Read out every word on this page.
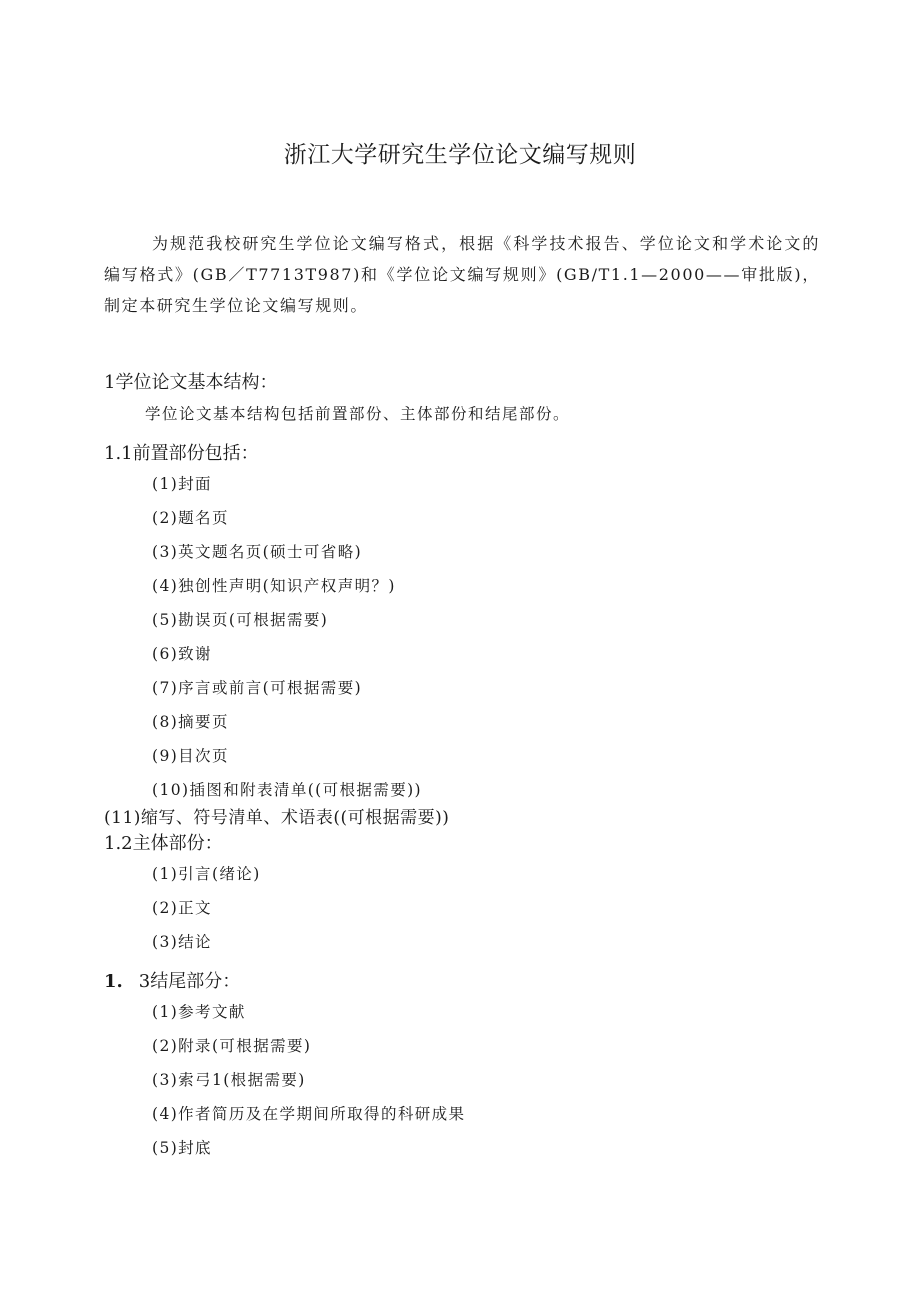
浙江大学研究生学位论文编写规则
为规范我校研究生学位论文编写格式，根据《科学技术报告、学位论文和学术论文的编写格式》(GB／T7713T987)和《学位论文编写规则》(GB/T1.1—2000——审批版)，制定本研究生学位论文编写规则。
1学位论文基本结构：
学位论文基本结构包括前置部份、主体部份和结尾部份。
1.1前置部份包括：
(1)封面
(2)题名页
(3)英文题名页(硕士可省略)
(4)独创性声明(知识产权声明？)
(5)勘误页(可根据需要)
(6)致谢
(7)序言或前言(可根据需要)
(8)摘要页
(9)目次页
(10)插图和附表清单((可根据需要))
(11)缩写、符号清单、术语表((可根据需要))
1.2主体部份：
(1)引言(绪论)
(2)正文
(3)结论
1. 3结尾部分：
(1)参考文献
(2)附录(可根据需要)
(3)索弓1(根据需要)
(4)作者简历及在学期间所取得的科研成果
(5)封底
